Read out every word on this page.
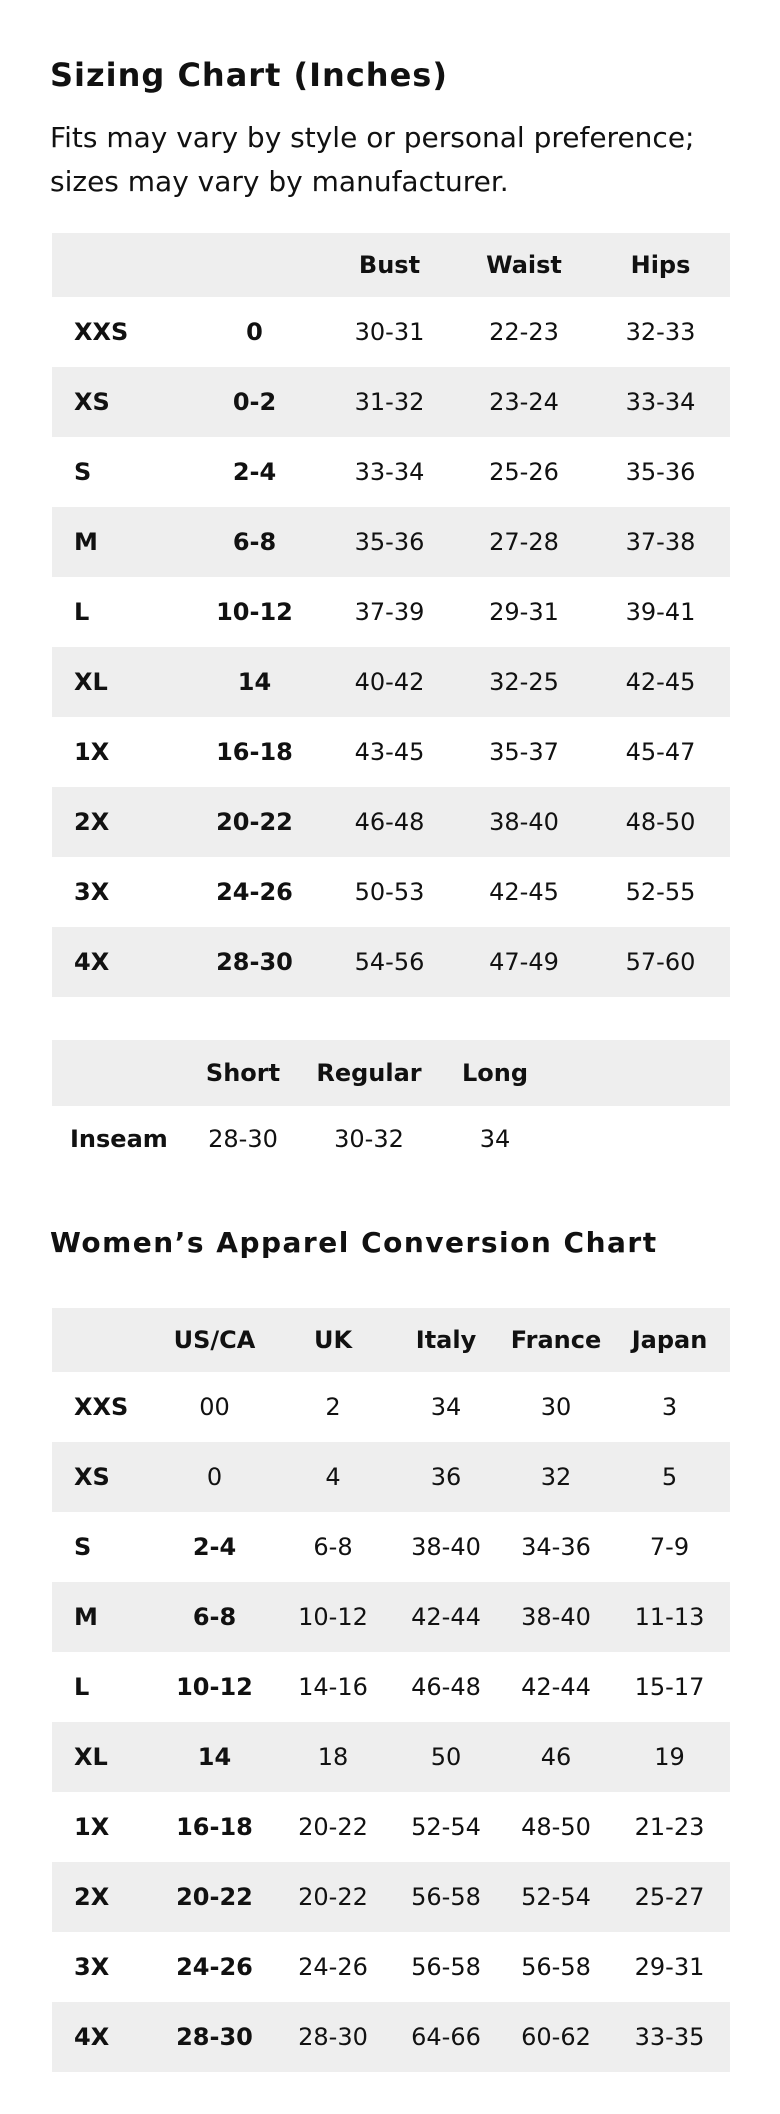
Sizing Chart (Inches)
Fits may vary by style or personal preference; sizes may vary by manufacturer.
		Bust	Waist	Hips
XXS	0	30-31	22-23	32-33
XS	0-2	31-32	23-24	33-34
S	2-4	33-34	25-26	35-36
M	6-8	35-36	27-28	37-38
L	10-12	37-39	29-31	39-41
XL	14	40-42	32-25	42-45
1X	16-18	43-45	35-37	45-47
2X	20-22	46-48	38-40	48-50
3X	24-26	50-53	42-45	52-55
4X	28-30	54-56	47-49	57-60
	Short	Regular	Long	
Inseam	28-30	30-32	34	
Women’s Apparel Conversion Chart
	US/CA	UK	Italy	France	Japan
XXS	00	2	34	30	3
XS	0	4	36	32	5
S	2-4	6-8	38-40	34-36	7-9
M	6-8	10-12	42-44	38-40	11-13
L	10-12	14-16	46-48	42-44	15-17
XL	14	18	50	46	19
1X	16-18	20-22	52-54	48-50	21-23
2X	20-22	20-22	56-58	52-54	25-27
3X	24-26	24-26	56-58	56-58	29-31
4X	28-30	28-30	64-66	60-62	33-35
